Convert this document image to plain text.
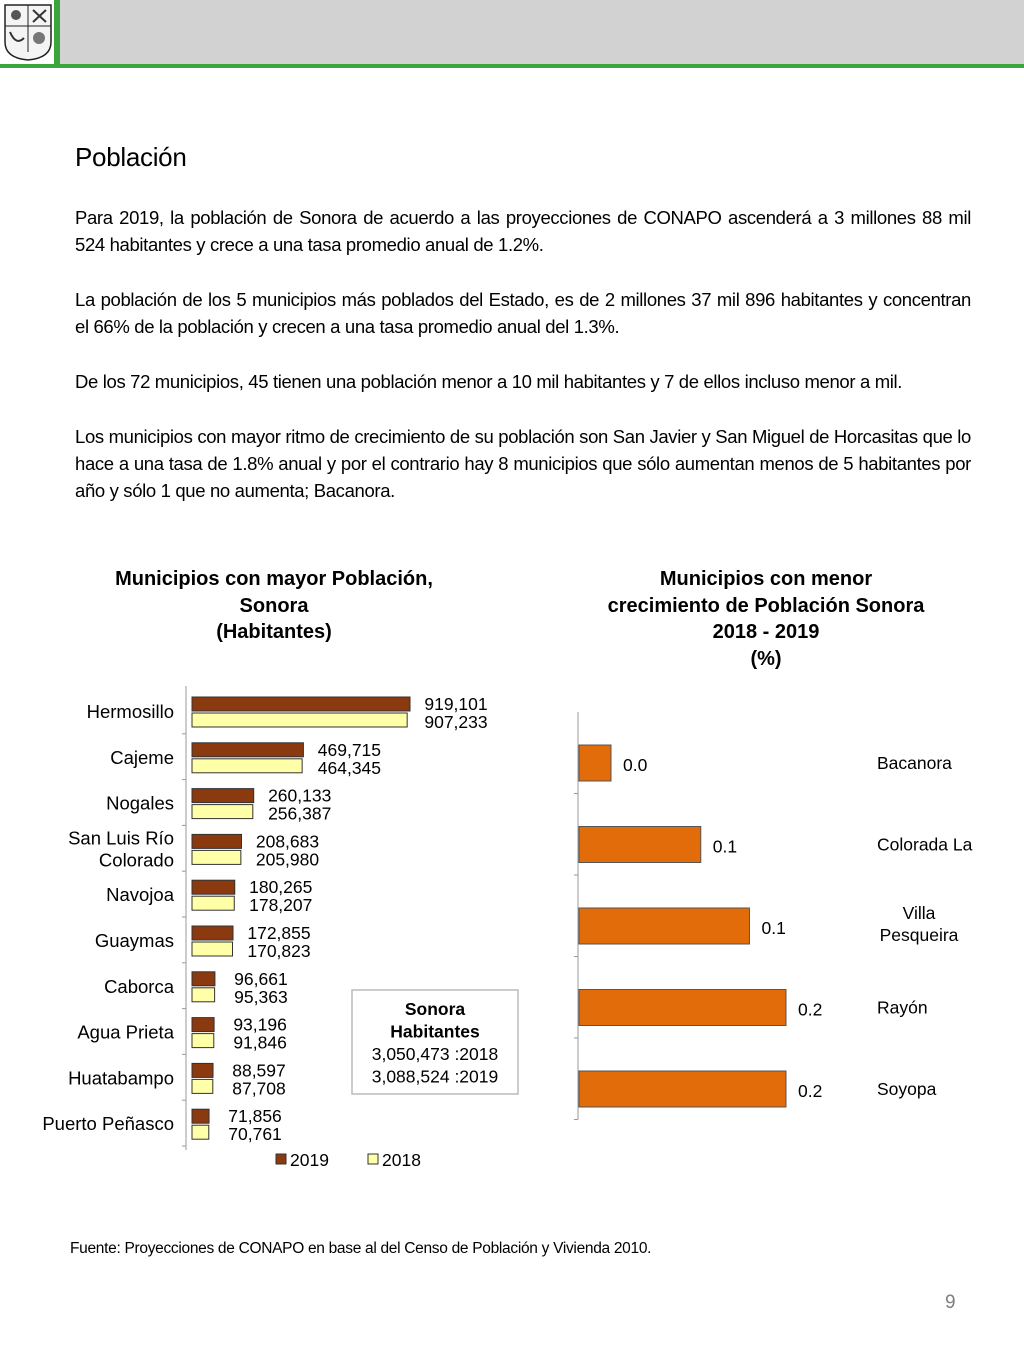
Población
Para 2019, la población de Sonora de acuerdo a las proyecciones de CONAPO ascenderá a 3 millones 88 mil 524 habitantes y crece a una tasa promedio anual de 1.2%.
La población de los 5 municipios más poblados del Estado, es de 2 millones 37 mil 896 habitantes y concentran el 66% de la población y crecen a una tasa promedio anual del 1.3%.
De los 72 municipios, 45 tienen una población menor a 10 mil habitantes y 7 de ellos incluso menor a mil.
Los municipios con mayor ritmo de crecimiento de su población son San Javier y San Miguel de Horcasitas que lo hace a una tasa de 1.8% anual y por el contrario hay 8 municipios que sólo aumentan menos de 5 habitantes por año y sólo 1 que no aumenta; Bacanora.
Municipios con mayor Población,
Sonora
(Habitantes)
Municipios con menor
crecimiento de Población Sonora
2018 - 2019
(%)
Hermosillo	919,101
907,233
Cajeme	469,715
464,345
Nogales	260,133
256,387
San Luis Río
Colorado
208,683
205,980
Navojoa	180,265
178,207
Guaymas	172,855
170,823
Caborca	96,661
95,363
Agua Prieta	93,196
91,846
Huatabampo	88,597
87,708
Puerto Peñasco	71,856
70,761
2019	2018
Sonora
Habitantes
3,050,473 :2018
3,088,524 :2019
0.0	Bacanora
0.1	Colorada La
0.1
Villa
Pesqueira
0.2	Rayón
0.2	Soyopa
Fuente: Proyecciones de CONAPO en base al del Censo de Población y Vivienda 2010.
9
